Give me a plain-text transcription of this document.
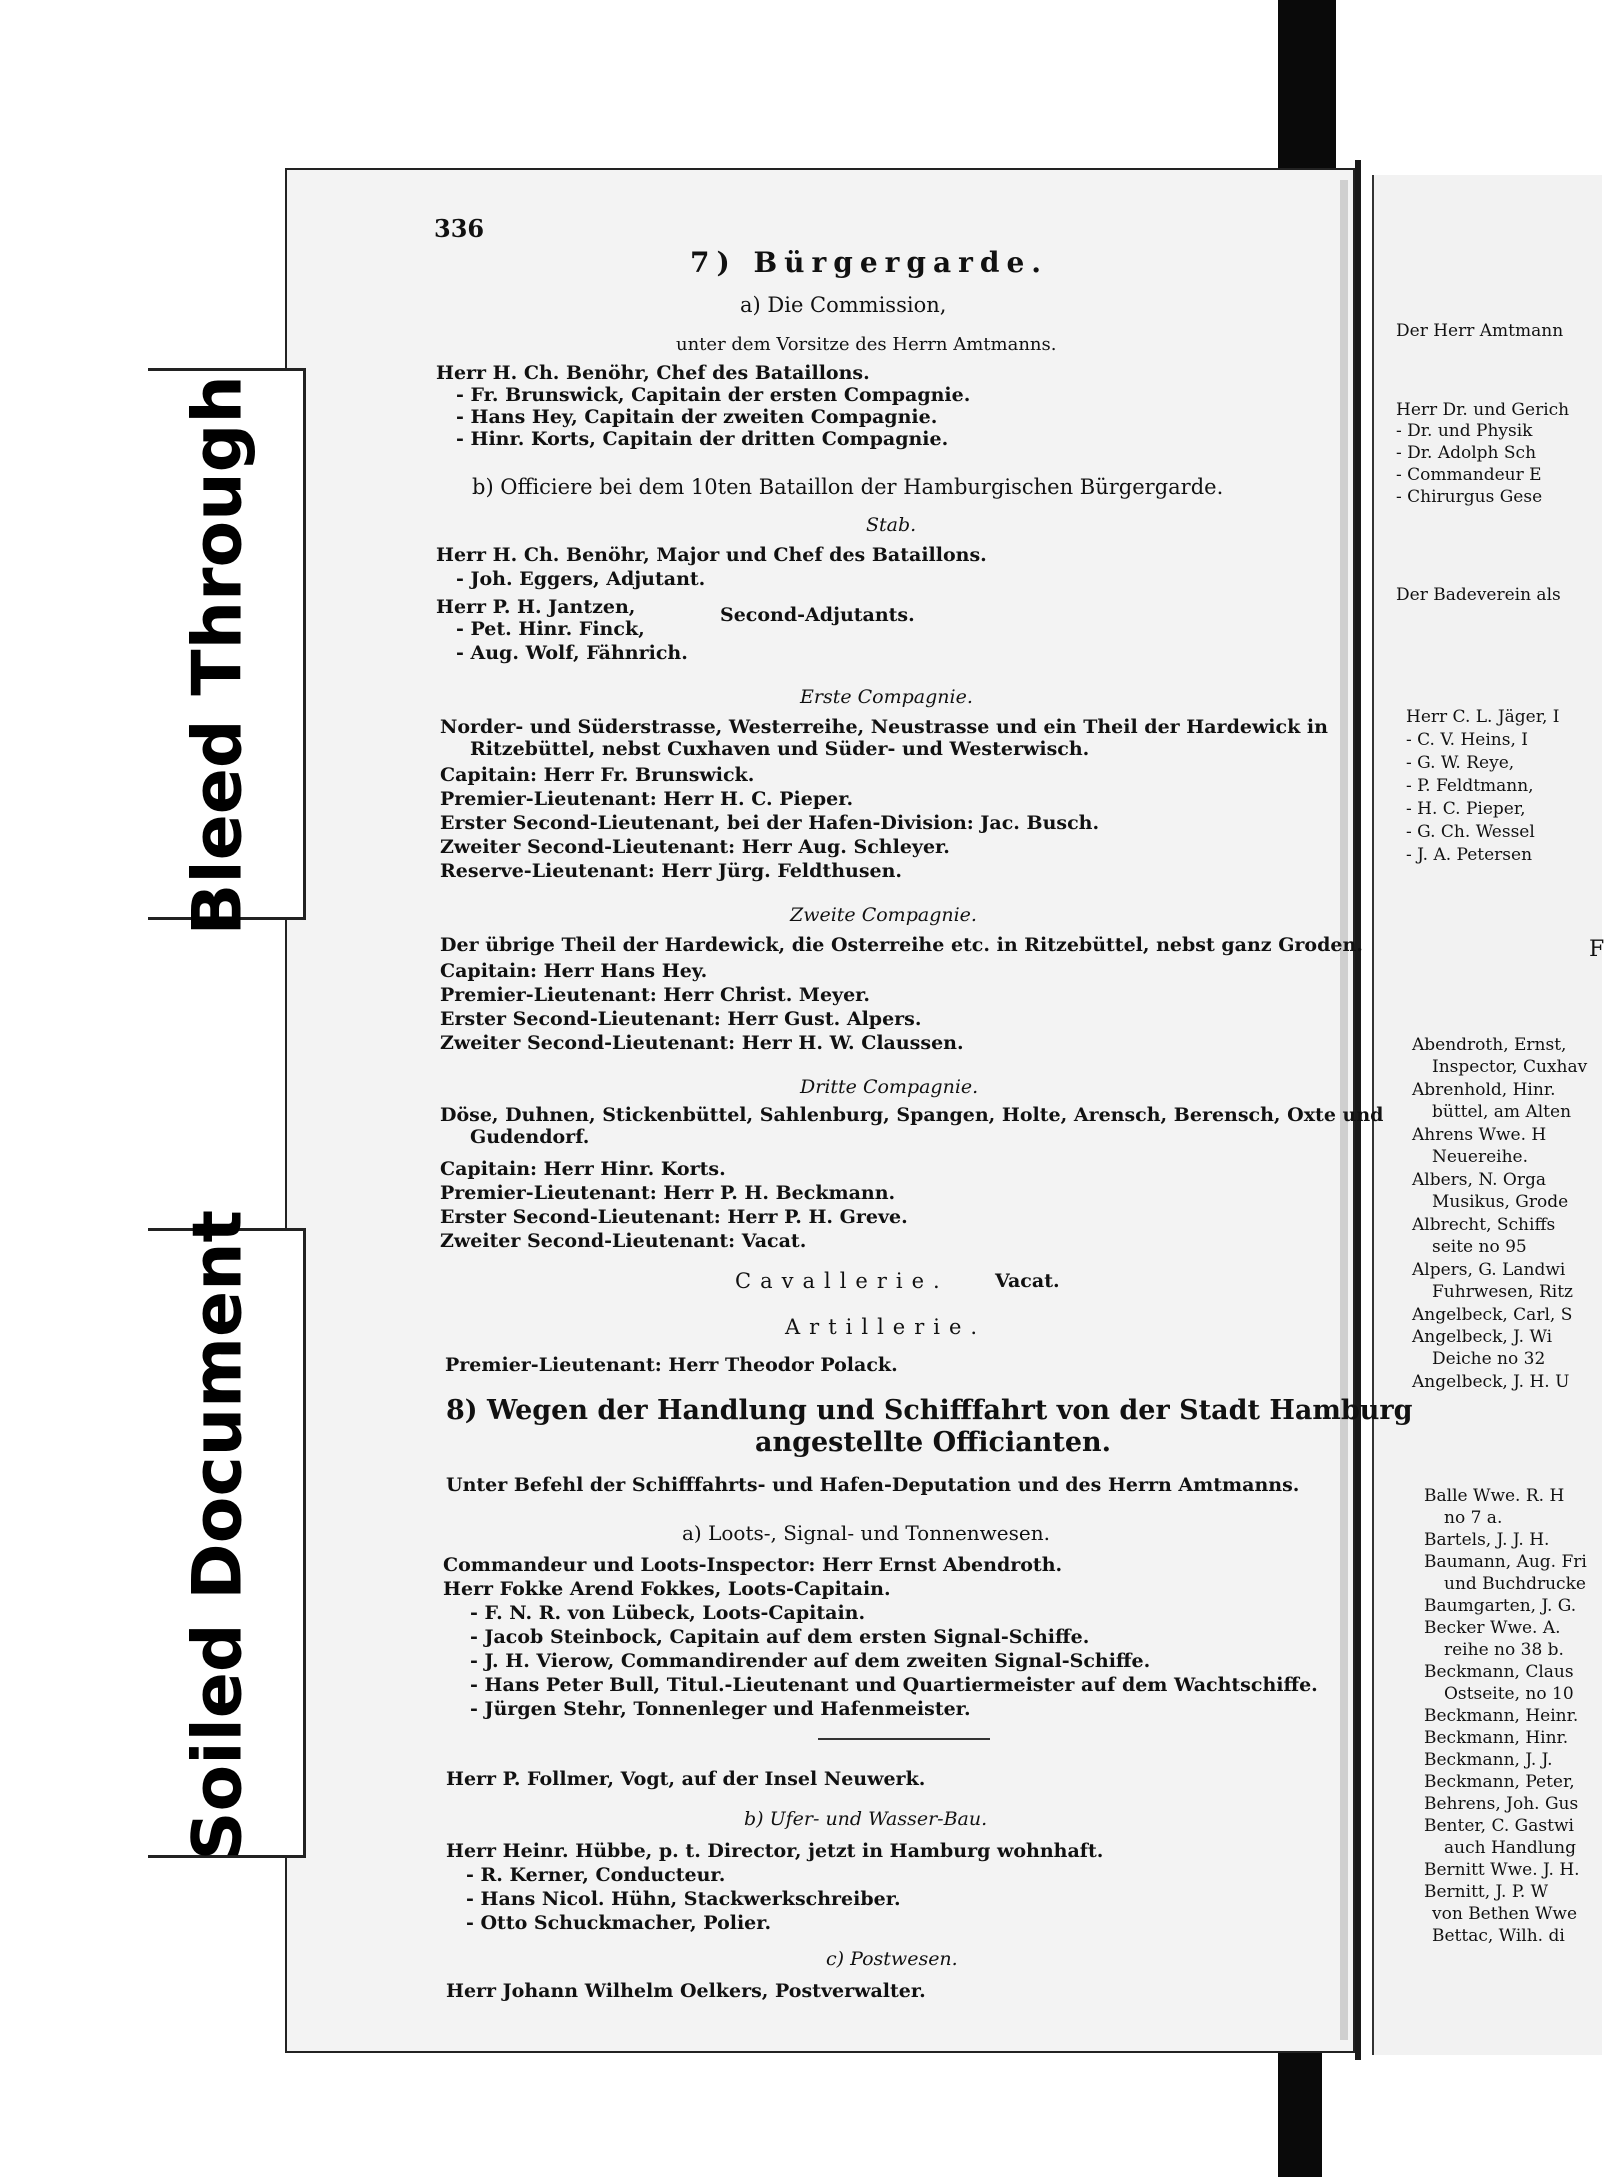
Der Herr Amtmann
Herr Dr. und Gerich
- Dr. und Physik
- Dr. Adolph Sch
- Commandeur E
- Chirurgus Gese
Der Badeverein als
Herr C. L. Jäger, I
- C. V. Heins, I
- G. W. Reye,
- P. Feldtmann,
- H. C. Pieper,
- G. Ch. Wessel
- J. A. Petersen
F
Abendroth, Ernst,
Inspector, Cuxhav
Abrenhold, Hinr.
büttel, am Alten
Ahrens Wwe. H
Neuereihe.
Albers, N. Orga
Musikus, Grode
Albrecht, Schiffs
seite no 95
Alpers, G. Landwi
Fuhrwesen, Ritz
Angelbeck, Carl, S
Angelbeck, J. Wi
Deiche no 32
Angelbeck, J. H. U
Balle Wwe. R. H
no 7 a.
Bartels, J. J. H.
Baumann, Aug. Fri
und Buchdrucke
Baumgarten, J. G.
Becker Wwe. A.
reihe no 38 b.
Beckmann, Claus
Ostseite, no 10
Beckmann, Heinr.
Beckmann, Hinr.
Beckmann, J. J.
Beckmann, Peter,
Behrens, Joh. Gus
Benter, C. Gastwi
auch Handlung
Bernitt Wwe. J. H.
Bernitt, J. P. W
von Bethen Wwe
Bettac, Wilh. di
Bleed Through
Soiled Document
336
7) Bürgergarde.
a) Die Commission,
unter dem Vorsitze des Herrn Amtmanns.
Herr H. Ch. Benöhr, Chef des Bataillons.
- Fr. Brunswick, Capitain der ersten Compagnie.
- Hans Hey, Capitain der zweiten Compagnie.
- Hinr. Korts, Capitain der dritten Compagnie.
b) Officiere bei dem 10ten Bataillon der Hamburgischen Bürgergarde.
Stab.
Herr H. Ch. Benöhr, Major und Chef des Bataillons.
- Joh. Eggers, Adjutant.
Herr P. H. Jantzen,
- Pet. Hinr. Finck,
Second-Adjutants.
- Aug. Wolf, Fähnrich.
Erste Compagnie.
Norder- und Süderstrasse, Westerreihe, Neustrasse und ein Theil der Hardewick in
Ritzebüttel, nebst Cuxhaven und Süder- und Westerwisch.
Capitain: Herr Fr. Brunswick.
Premier-Lieutenant: Herr H. C. Pieper.
Erster Second-Lieutenant, bei der Hafen-Division: Jac. Busch.
Zweiter Second-Lieutenant: Herr Aug. Schleyer.
Reserve-Lieutenant: Herr Jürg. Feldthusen.
Zweite Compagnie.
Der übrige Theil der Hardewick, die Osterreihe etc. in Ritzebüttel, nebst ganz Groden.
Capitain: Herr Hans Hey.
Premier-Lieutenant: Herr Christ. Meyer.
Erster Second-Lieutenant: Herr Gust. Alpers.
Zweiter Second-Lieutenant: Herr H. W. Claussen.
Dritte Compagnie.
Döse, Duhnen, Stickenbüttel, Sahlenburg, Spangen, Holte, Arensch, Berensch, Oxte und
Gudendorf.
Capitain: Herr Hinr. Korts.
Premier-Lieutenant: Herr P. H. Beckmann.
Erster Second-Lieutenant: Herr P. H. Greve.
Zweiter Second-Lieutenant: Vacat.
Cavallerie. Vacat.
Artillerie.
Premier-Lieutenant: Herr Theodor Polack.
8) Wegen der Handlung und Schifffahrt von der Stadt Hamburg
angestellte Officianten.
Unter Befehl der Schifffahrts- und Hafen-Deputation und des Herrn Amtmanns.
a) Loots-, Signal- und Tonnenwesen.
Commandeur und Loots-Inspector: Herr Ernst Abendroth.
Herr Fokke Arend Fokkes, Loots-Capitain.
- F. N. R. von Lübeck, Loots-Capitain.
- Jacob Steinbock, Capitain auf dem ersten Signal-Schiffe.
- J. H. Vierow, Commandirender auf dem zweiten Signal-Schiffe.
- Hans Peter Bull, Titul.-Lieutenant und Quartiermeister auf dem Wachtschiffe.
- Jürgen Stehr, Tonnenleger und Hafenmeister.
Herr P. Follmer, Vogt, auf der Insel Neuwerk.
b) Ufer- und Wasser-Bau.
Herr Heinr. Hübbe, p. t. Director, jetzt in Hamburg wohnhaft.
- R. Kerner, Conducteur.
- Hans Nicol. Hühn, Stackwerkschreiber.
- Otto Schuckmacher, Polier.
c) Postwesen.
Herr Johann Wilhelm Oelkers, Postverwalter.
